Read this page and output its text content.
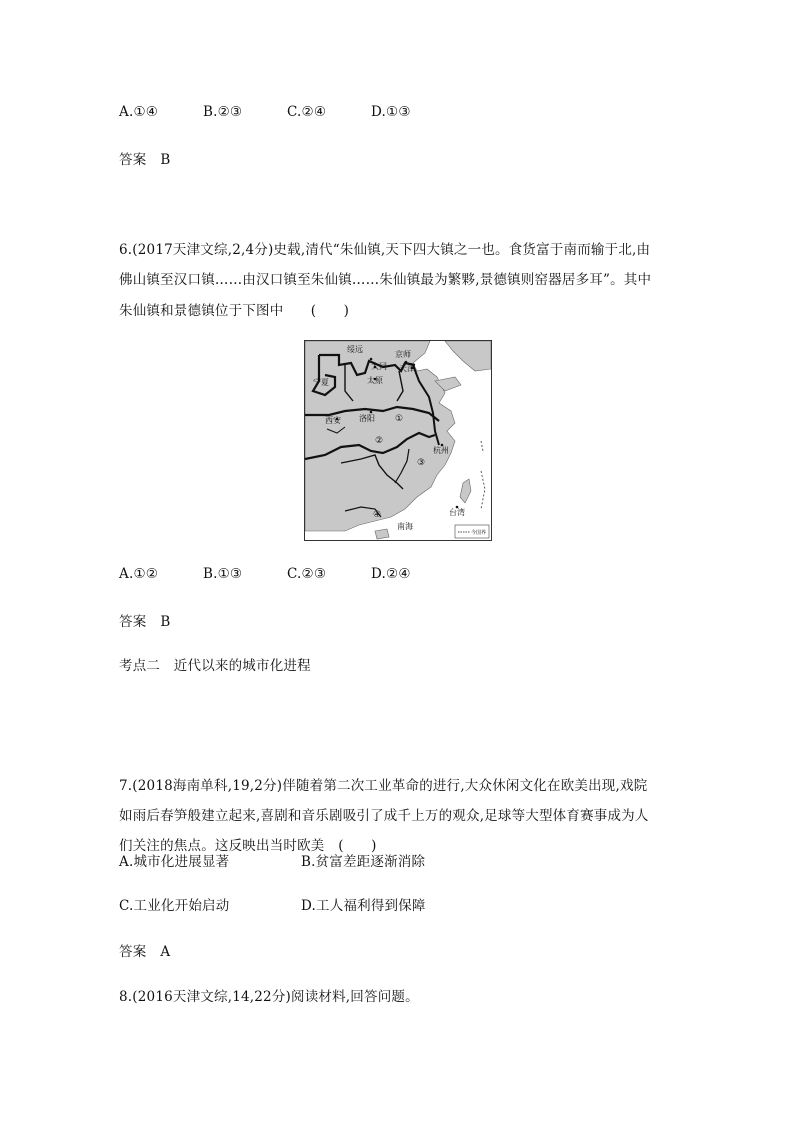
A.①④	B.②③	C.②④	D.①③
答案 B
6.(2017天津文综,2,4分)史载,清代“朱仙镇,天下四大镇之一也。食货富于南而输于北,由
佛山镇至汉口镇……由汉口镇至朱仙镇……朱仙镇最为繁夥,景德镇则窑器居多耳”。其中
朱仙镇和景德镇位于下图中　　(　　)
绥远
京师
大同 天津
宁夏	太原
西安 洛阳
杭州
台湾
南海
①
②
③
④
今国界
A.①②	B.①③	C.②③	D.②④
答案 B
考点二　近代以来的城市化进程
7.(2018海南单科,19,2分)伴随着第二次工业革命的进行,大众休闲文化在欧美出现,戏院
如雨后春笋般建立起来,喜剧和音乐剧吸引了成千上万的观众,足球等大型体育赛事成为人
们关注的焦点。这反映出当时欧美　(　　)
A.城市化进展显著	B.贫富差距逐渐消除
C.工业化开始启动	D.工人福利得到保障
答案 A
8.(2016天津文综,14,22分)阅读材料,回答问题。
